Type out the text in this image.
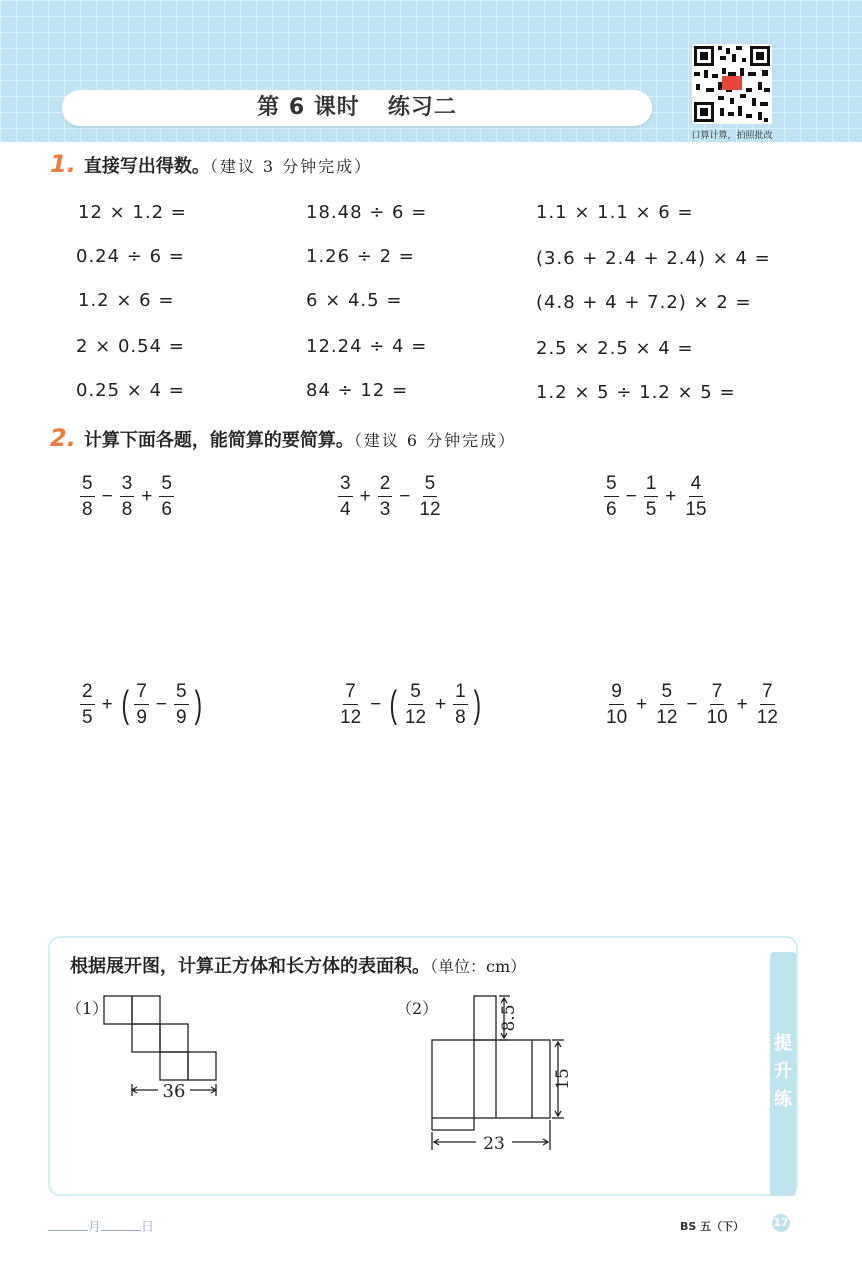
第 6 课时 练习二
口算计算，拍照批改
1. 直接写出得数。（建议 3 分钟完成）
12 × 1.2 =	18.48 ÷ 6 =	1.1 × 1.1 × 6 =
0.24 ÷ 6 =	1.26 ÷ 2 =	(3.6 + 2.4 + 2.4) × 4 =
1.2 × 6 =	6 × 4.5 =	(4.8 + 4 + 7.2) × 2 =
2 × 0.54 =	12.24 ÷ 4 =	2.5 × 2.5 × 4 =
0.25 × 4 =	84 ÷ 12 =	1.2 × 5 ÷ 1.2 × 5 =
2. 计算下面各题，能简算的要简算。（建议 6 分钟完成）
$\frac{5}{8} - \frac{3}{8} + \frac{5}{6}$	$\frac{3}{4} + \frac{2}{3} - \frac{5}{12}$	$\frac{5}{6} - \frac{1}{5} + \frac{4}{15}$
$\frac{2}{5}$ + ( $\frac{7}{9} - \frac{5}{9}$ )	$\frac{7}{12}$ − ( $\frac{5}{12} + \frac{1}{8}$ )	$\frac{9}{10} + \frac{5}{12} - \frac{7}{10} + \frac{7}{12}$
提升练
根据展开图，计算正方体和长方体的表面积。（单位：cm）
（1）	（2）
36
8.5
15
23
月	日	BS 五（下）	17
